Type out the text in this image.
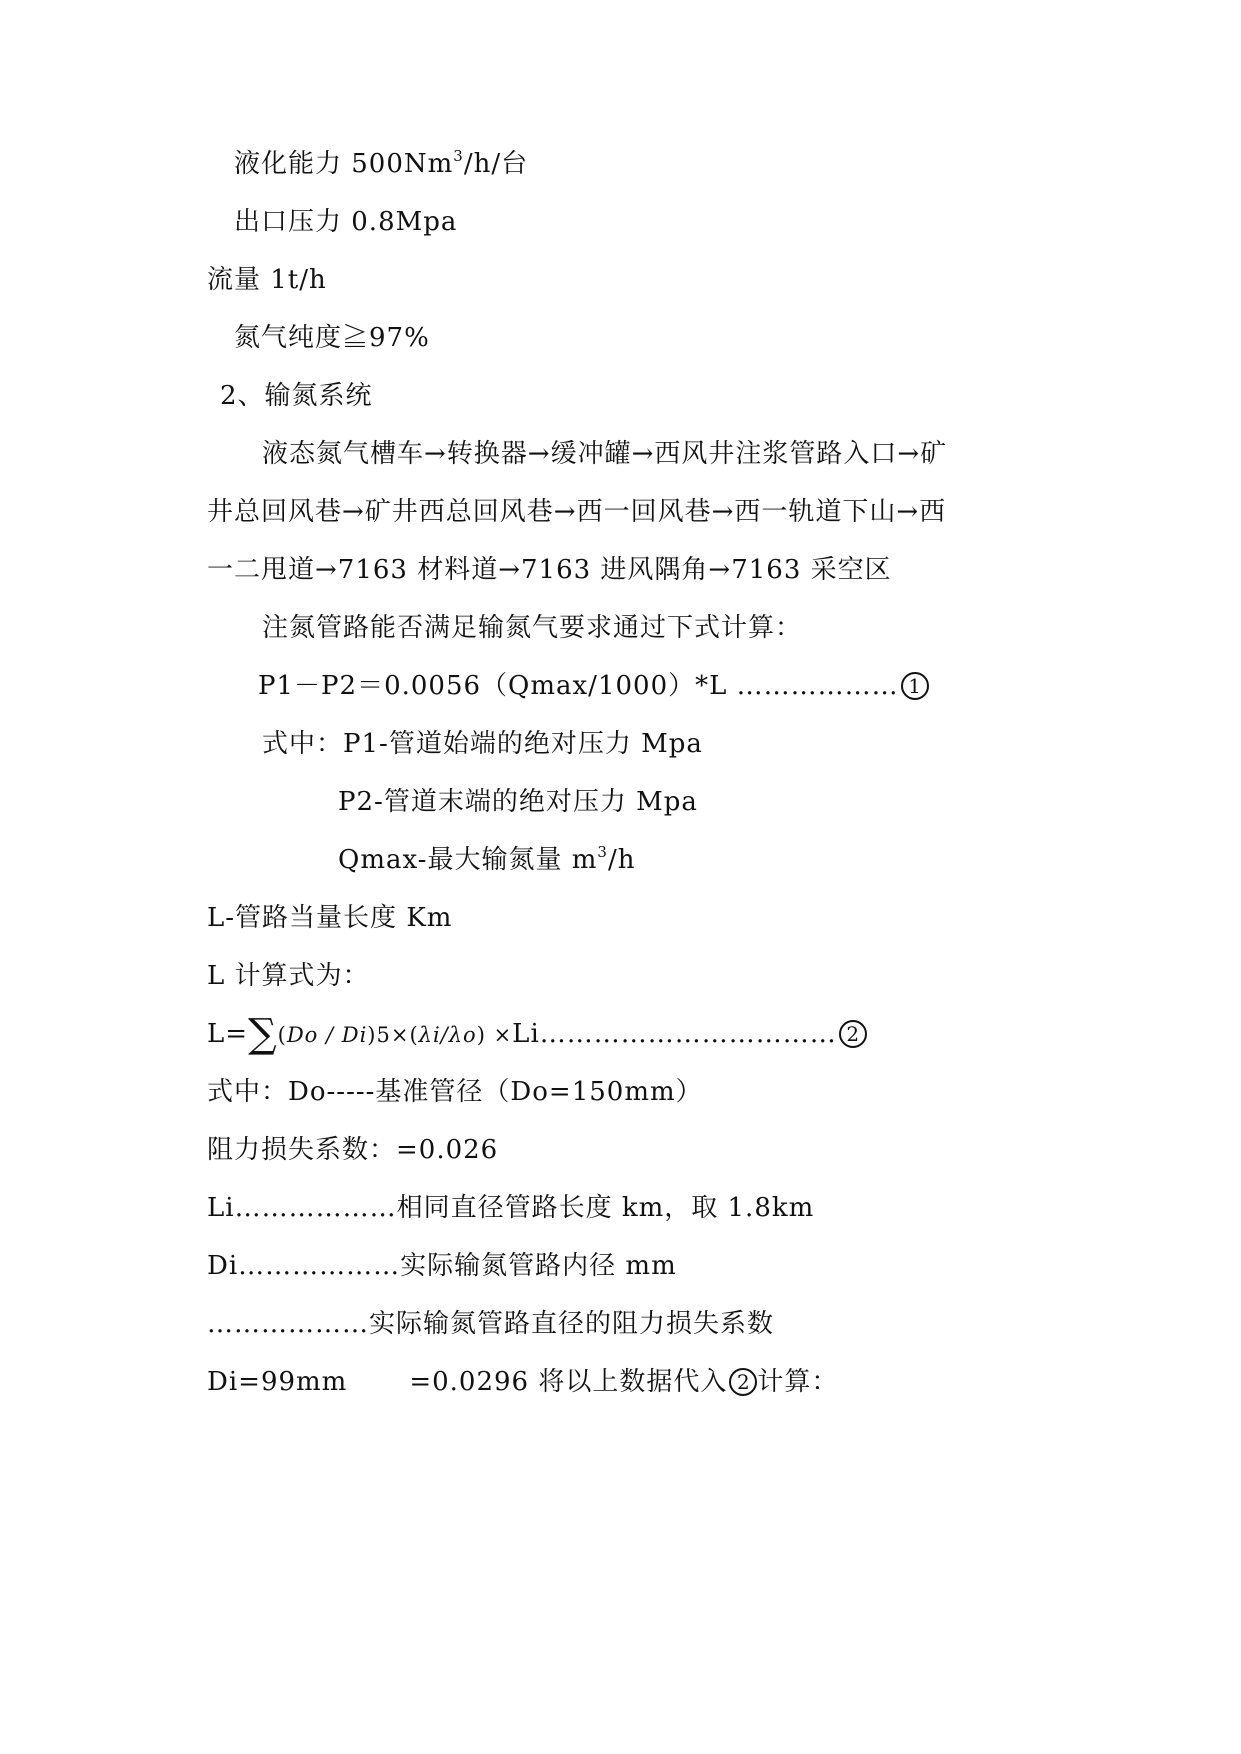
液化能力 500Nm$^3$/h/台
出口压力 0.8Mpa
流量 1t/h
氮气纯度≧97%
2、输氮系统
液态氮气槽车→转换器→缓冲罐→西风井注浆管路入口→矿
井总回风巷→矿井西总回风巷→西一回风巷→西一轨道下山→西
一二甩道→7163 材料道→7163 进风隅角→7163 采空区
注氮管路能否满足输氮气要求通过下式计算：
P1－P2＝0.0056（Qmax/1000）*L ……………… 1
式中：P1-管道始端的绝对压力 Mpa
P2-管道末端的绝对压力 Mpa
Qmax-最大输氮量 $m^3/h$
L-管路当量长度 Km
L 计算式为：
L=∑(Do / Di)5×(λi/λo) ×Li…………………………… 2
式中：Do-----基准管径（Do=150mm）
阻力损失系数：=0.026
Li………………相同直径管路长度 km，取 1.8km
Di………………实际输氮管路内径 mm
………………实际输氮管路直径的阻力损失系数
Di=99mm =0.0296 将以上数据代入 2 计算：
